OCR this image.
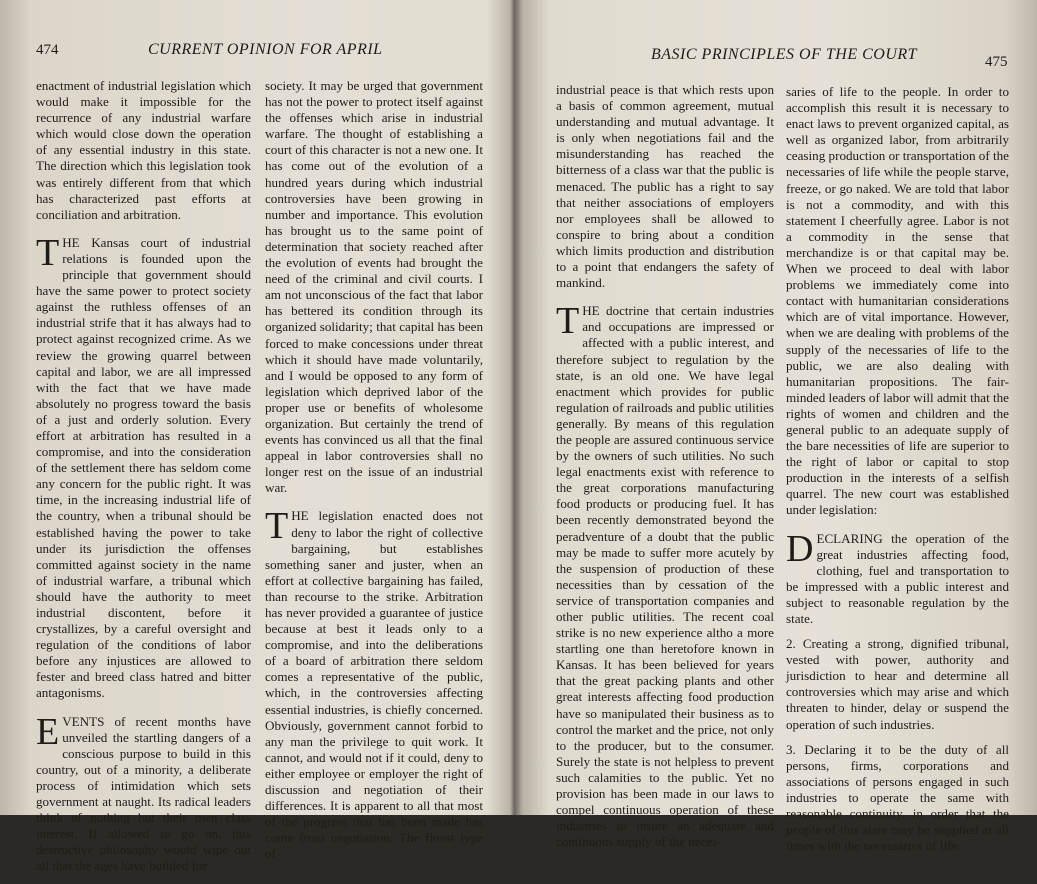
474	CURRENT OPINION FOR APRIL

enactment of industrial legislation which would make it impossible for the recurrence of any industrial warfare which would close down the operation of any essential industry in this state. The direction which this legislation took was entirely different from that which has characterized past efforts at conciliation and arbitration.

THE Kansas court of industrial relations is founded upon the principle that government should have the same power to protect society against the ruthless offenses of an industrial strife that it has always had to protect against recognized crime. As we review the growing quarrel between capital and labor, we are all impressed with the fact that we have made absolutely no progress toward the basis of a just and orderly solution. Every effort at arbitration has resulted in a compromise, and into the consideration of the settlement there has seldom come any concern for the public right. It was time, in the increasing industrial life of the country, when a tribunal should be established having the power to take under its jurisdiction the offenses committed against society in the name of industrial warfare, a tribunal which should have the authority to meet industrial discontent, before it crystallizes, by a careful oversight and regulation of the conditions of labor before any injustices are allowed to fester and breed class hatred and bitter antagonisms.

EVENTS of recent months have unveiled the startling dangers of a conscious purpose to build in this country, out of a minority, a deliberate process of intimidation which sets government at naught. Its radical leaders think of nothing but their own class interest. If allowed to go on, this destructive philosophy would wipe out all that the ages have builded for

society. It may be urged that government has not the power to protect itself against the offenses which arise in industrial warfare. The thought of establishing a court of this character is not a new one. It has come out of the evolution of a hundred years during which industrial controversies have been growing in number and importance. This evolution has brought us to the same point of determination that society reached after the evolution of events had brought the need of the criminal and civil courts. I am not unconscious of the fact that labor has bettered its condition through its organized solidarity; that capital has been forced to make concessions under threat which it should have made voluntarily, and I would be opposed to any form of legislation which deprived labor of the proper use or benefits of wholesome organization. But certainly the trend of events has convinced us all that the final appeal in labor controversies shall no longer rest on the issue of an industrial war.

THE legislation enacted does not deny to labor the right of collective bargaining, but establishes something saner and juster, when an effort at collective bargaining has failed, than recourse to the strike. Arbitration has never provided a guarantee of justice because at best it leads only to a compromise, and into the deliberations of a board of arbitration there seldom comes a representative of the public, which, in the controversies affecting essential industries, is chiefly concerned. Obviously, government cannot forbid to any man the privilege to quit work. It cannot, and would not if it could, deny to either employee or employer the right of discussion and negotiation of their differences. It is apparent to all that most of the progress that has been made has come from negotiation. The finest type of

BASIC PRINCIPLES OF THE COURT	475

industrial peace is that which rests upon a basis of common agreement, mutual understanding and mutual advantage. It is only when negotiations fail and the misunderstanding has reached the bitterness of a class war that the public is menaced. The public has a right to say that neither associations of employers nor employees shall be allowed to conspire to bring about a condition which limits production and distribution to a point that endangers the safety of mankind.

THE doctrine that certain industries and occupations are impressed or affected with a public interest, and therefore subject to regulation by the state, is an old one. We have legal enactment which provides for public regulation of railroads and public utilities generally. By means of this regulation the people are assured continuous service by the owners of such utilities. No such legal enactments exist with reference to the great corporations manufacturing food products or producing fuel. It has been recently demonstrated beyond the peradventure of a doubt that the public may be made to suffer more acutely by the suspension of production of these necessities than by cessation of the service of transportation companies and other public utilities. The recent coal strike is no new experience altho a more startling one than heretofore known in Kansas. It has been believed for years that the great packing plants and other great interests affecting food production have so manipulated their business as to control the market and the price, not only to the producer, but to the consumer. Surely the state is not helpless to prevent such calamities to the public. Yet no provision has been made in our laws to compel continuous operation of these industries to insure an adequate and continuous supply of the neces-

saries of life to the people. In order to accomplish this result it is necessary to enact laws to prevent organized capital, as well as organized labor, from arbitrarily ceasing production or transportation of the necessaries of life while the people starve, freeze, or go naked. We are told that labor is not a commodity, and with this statement I cheerfully agree. Labor is not a commodity in the sense that merchandize is or that capital may be. When we proceed to deal with labor problems we immediately come into contact with humanitarian considerations which are of vital importance. However, when we are dealing with problems of the supply of the necessaries of life to the public, we are also dealing with humanitarian propositions. The fair-minded leaders of labor will admit that the rights of women and children and the general public to an adequate supply of the bare necessities of life are superior to the right of labor or capital to stop production in the interests of a selfish quarrel. The new court was established under legislation:

DECLARING the operation of the great industries affecting food, clothing, fuel and transportation to be impressed with a public interest and subject to reasonable regulation by the state.

2. Creating a strong, dignified tribunal, vested with power, authority and jurisdiction to hear and determine all controversies which may arise and which threaten to hinder, delay or suspend the operation of such industries.

3. Declaring it to be the duty of all persons, firms, corporations and associations of persons engaged in such industries to operate the same with reasonable continuity, in order that the people of this state may be supplied at all times with the necessaries of life.
